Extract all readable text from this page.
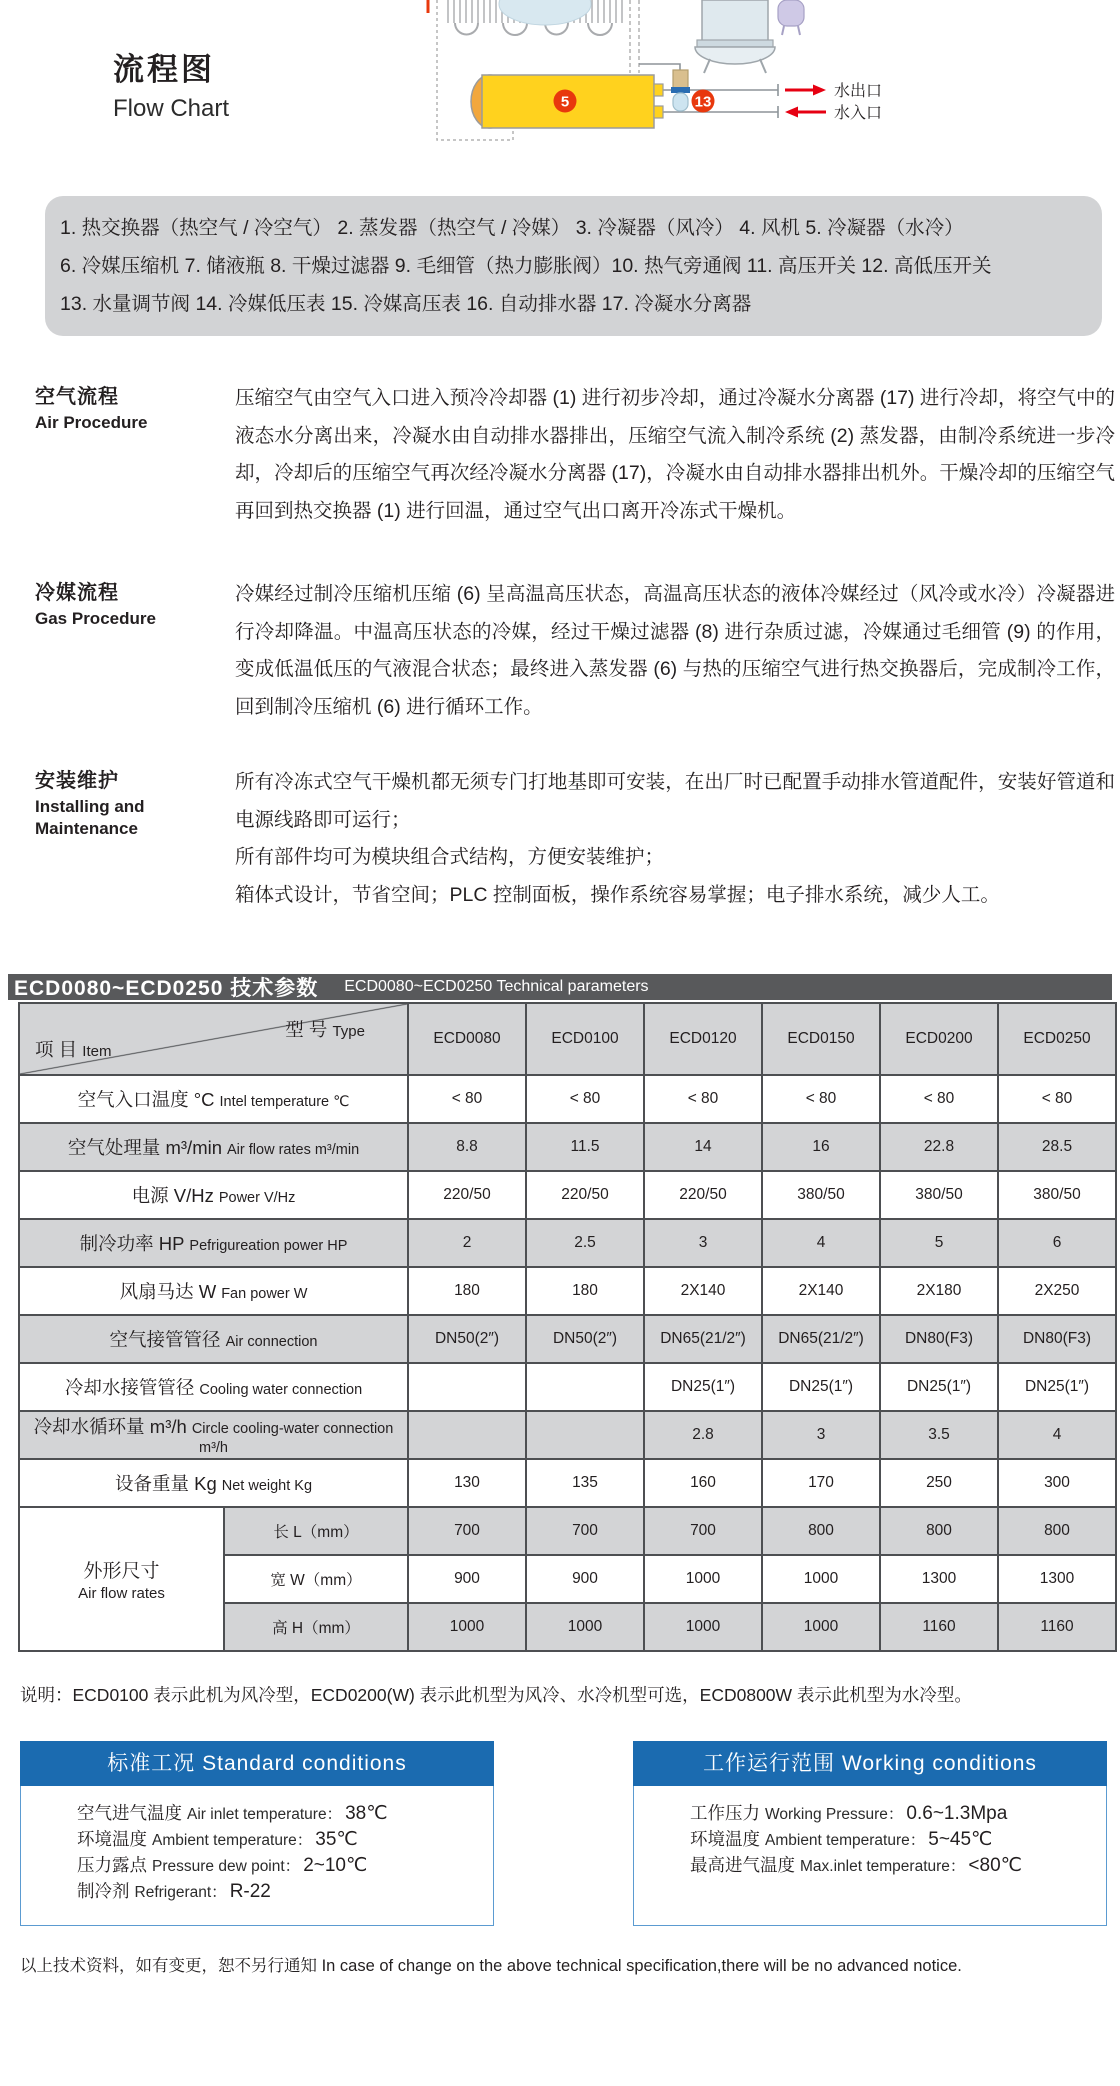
流程图
Flow Chart	5	13
水出口
水入口

1. 热交换器（热空气 / 冷空气） 2. 蒸发器（热空气 / 冷媒） 3. 冷凝器（风冷） 4. 风机 5. 冷凝器（水冷）

6. 冷媒压缩机 7. 储液瓶 8. 干燥过滤器 9. 毛细管（热力膨胀阀）10. 热气旁通阀 11. 高压开关 12. 高低压开关

13. 水量调节阀 14. 冷媒低压表 15. 冷媒高压表 16. 自动排水器 17. 冷凝水分离器

空气流程
Air Procedure

压缩空气由空气入口进入预冷冷却器 (1) 进行初步冷却，通过冷凝水分离器 (17) 进行冷却，将空气中的液态水分离出来，冷凝水由自动排水器排出，压缩空气流入制冷系统 (2) 蒸发器，由制冷系统进一步冷却，冷却后的压缩空气再次经冷凝水分离器 (17)，冷凝水由自动排水器排出机外。干燥冷却的压缩空气再回到热交换器 (1) 进行回温，通过空气出口离开冷冻式干燥机。

冷媒流程
Gas Procedure

冷媒经过制冷压缩机压缩 (6) 呈高温高压状态，高温高压状态的液体冷媒经过（风冷或水冷）冷凝器进行冷却降温。中温高压状态的冷媒，经过干燥过滤器 (8) 进行杂质过滤，冷媒通过毛细管 (9) 的作用，变成低温低压的气液混合状态；最终进入蒸发器 (6) 与热的压缩空气进行热交换器后，完成制冷工作，回到制冷压缩机 (6) 进行循环工作。

安装维护
Installing and Maintenance

所有冷冻式空气干燥机都无须专门打地基即可安装，在出厂时已配置手动排水管道配件，安装好管道和电源线路即可运行；

所有部件均可为模块组合式结构，方便安装维护；

箱体式设计，节省空间；PLC 控制面板，操作系统容易掌握；电子排水系统，减少人工。

ECD0080~ECD0250 技术参数 ECD0080~ECD0250 Technical parameters
型 号 Type
项 目 Item		ECD0080	ECD0100	ECD0120	ECD0150	ECD0200	ECD0250
空气入口温度 °C Intel temperature ℃		< 80	< 80	< 80	< 80	< 80	< 80
空气处理量 m³/min Air flow rates m³/min		8.8	11.5	14	16	22.8	28.5
电源 V/Hz Power V/Hz		220/50	220/50	220/50	380/50	380/50	380/50
制冷功率 HP Pefrigureation power HP		2	2.5	3	4	5	6
风扇马达 W Fan power W		180	180	2X140	2X140	2X180	2X250
空气接管管径 Air connection		DN50(2″)	DN50(2″)	DN65(21/2″)	DN65(21/2″)	DN80(F3)	DN80(F3)
冷却水接管管径 Cooling water connection				DN25(1″)	DN25(1″)	DN25(1″)	DN25(1″)
冷却水循环量 m³/h Circle cooling-water connection m³/h				2.8	3	3.5	4
设备重量 Kg Net weight Kg		130	135	160	170	250	300

外形尺寸
Air flow rates	长 L（mm）	700	700	700	800	800	800
	宽 W（mm）	900	900	1000	1000	1300	1300
	高 H（mm）	1000	1000	1000	1000	1160	1160

说明：ECD0100 表示此机为风冷型，ECD0200(W) 表示此机型为风冷、水冷机型可选，ECD0800W 表示此机型为水冷型。

标准工况 Standard conditions
空气进气温度 Air inlet temperature： 38℃
环境温度 Ambient temperature： 35℃
压力露点 Pressure dew point： 2~10℃
制冷剂 Refrigerant： R-22
工作运行范围 Working conditions
工作压力 Working Pressure： 0.6~1.3Mpa
环境温度 Ambient temperature： 5~45℃
最高进气温度 Max.inlet temperature： <80℃

以上技术资料，如有变更，恕不另行通知 In case of change on the above technical specification,there will be no advanced notice.
